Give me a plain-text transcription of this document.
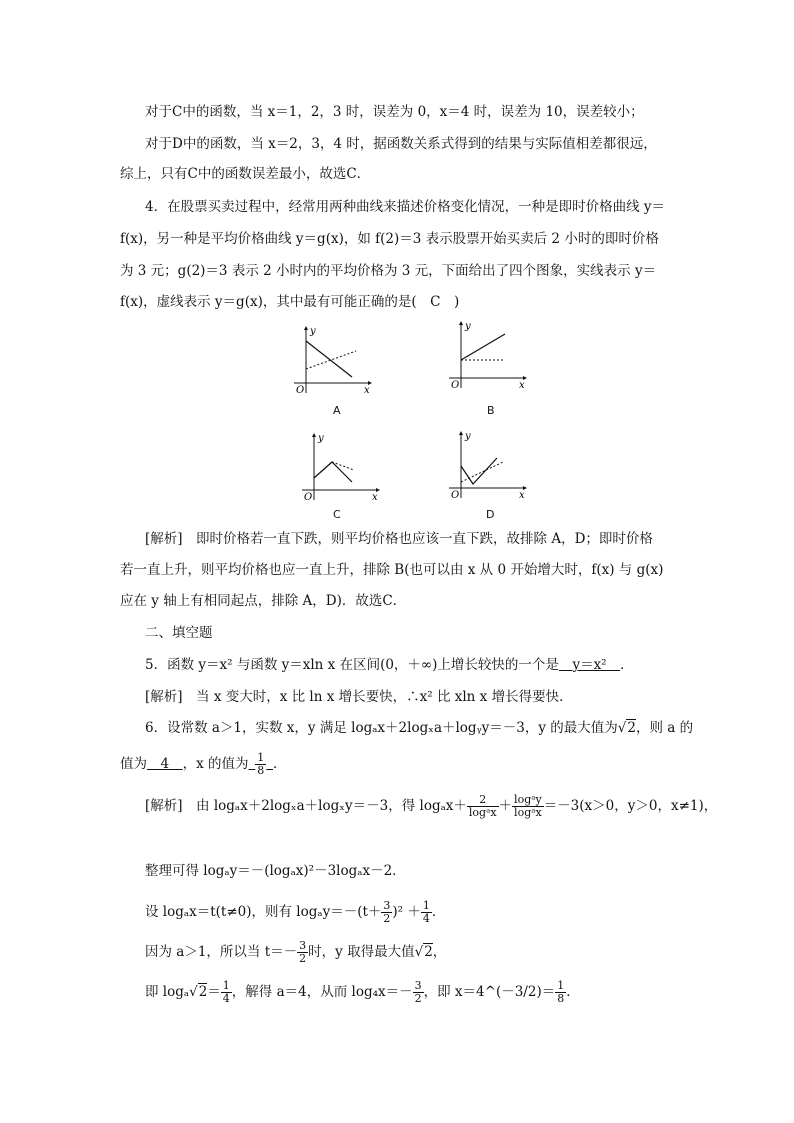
对于C中的函数，当 x＝1，2，3 时，误差为 0，x＝4 时，误差为 10，误差较小；
对于D中的函数，当 x＝2，3，4 时，据函数关系式得到的结果与实际值相差都很远，
综上，只有C中的函数误差最小，故选C．
4．在股票买卖过程中，经常用两种曲线来描述价格变化情况，一种是即时价格曲线 y＝
f(x)，另一种是平均价格曲线 y＝g(x)，如 f(2)＝3 表示股票开始买卖后 2 小时的即时价格
为 3 元；g(2)＝3 表示 2 小时内的平均价格为 3 元，下面给出了四个图象，实线表示 y＝
f(x)，虚线表示 y＝g(x)，其中最有可能正确的是(　C　)
y
x
O
A
y
x
O
B
y
x
O
C
y
x
O
D
[解析]　即时价格若一直下跌，则平均价格也应该一直下跌，故排除 A，D；即时价格
若一直上升，则平均价格也应一直上升，排除 B(也可以由 x 从 0 开始增大时，f(x) 与 g(x)
应在 y 轴上有相同起点，排除 A，D)．故选C．
二、填空题
5．函数 y＝x² 与函数 y＝xln x 在区间(0，＋∞)上增长较快的一个是  y＝x²  ．
[解析]　当 x 变大时，x 比 ln x 增长要快，∴x² 比 xln x 增长得要快．
6．设常数 a＞1，实数 x，y 满足 logₐx＋2logₓa＋logᵧy＝－3，y 的最大值为√2，则 a 的
值为  4  ，x 的值为  $\frac{1}{8}$
  ．
[解析]　由 logₐx＋2logₓa＋logₓy＝－3，得 $\log_ax+ \frac{2}{\text{logᵃx}} + \frac{\text{logᵃy}}{\text{logᵃx}} =-3(x>0$，y＞0，x≠1)，
整理可得 logₐy＝－(logₐx)²－3logₐx－2．
设 logₐx＝t(t≠0)，则有 $\log_ay=-(t+ \frac{3}{2} )^2 + \frac{1}{4}$ ．
因为 a＞1，所以当 $t=- \frac{3}{2}$ 时，y 取得最大值√2，
即 $\log_a√2= \frac{1}{4}$ ，解得 a＝4，从而 $\log_4x=- \frac{3}{2}$ ，即 x＝4^(－3/2)＝ $\frac{1}{8}$ ．
